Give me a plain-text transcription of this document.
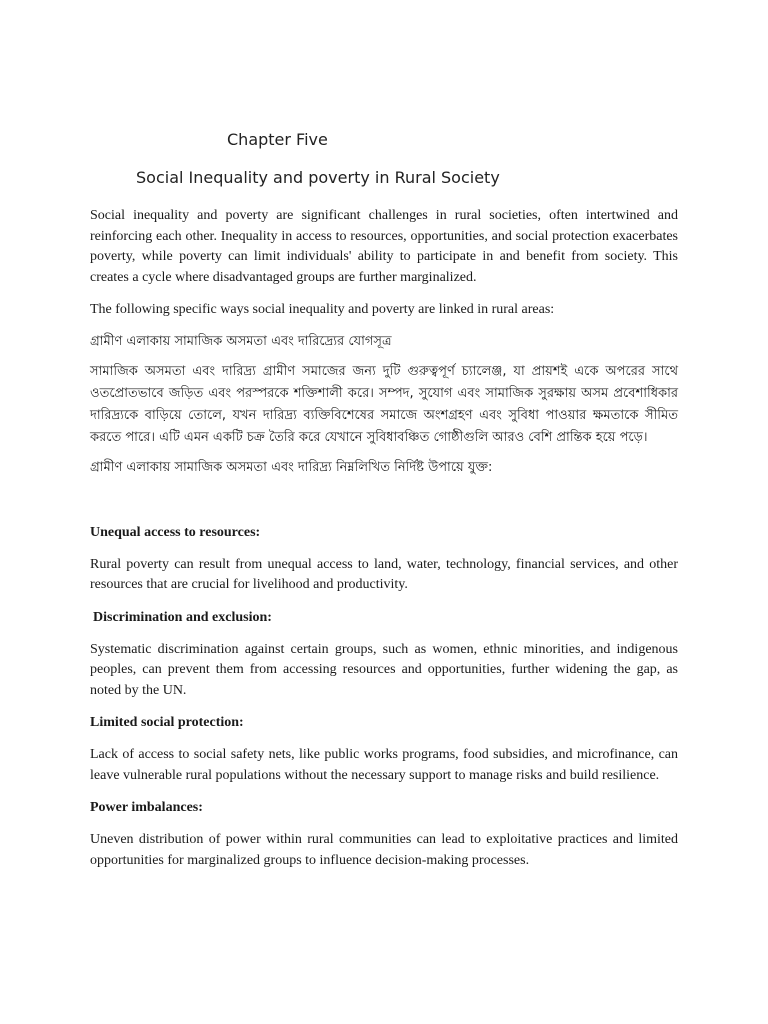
Chapter Five
Social Inequality and poverty in Rural Society

Social inequality and poverty are significant challenges in rural societies, often intertwined and reinforcing each other. Inequality in access to resources, opportunities, and social protection exacerbates poverty, while poverty can limit individuals' ability to participate in and benefit from society. This creates a cycle where disadvantaged groups are further marginalized.

The following specific ways social inequality and poverty are linked in rural areas:

গ্রামীণ এলাকায় সামাজিক অসমতা এবং দারিদ্র্যের যোগসূত্র

সামাজিক অসমতা এবং দারিদ্র্য গ্রামীণ সমাজের জন্য দুটি গুরুত্বপূর্ণ চ্যালেঞ্জ, যা প্রায়শই একে অপরের সাথে ওতপ্রোতভাবে জড়িত এবং পরস্পরকে শক্তিশালী করে। সম্পদ, সুযোগ এবং সামাজিক সুরক্ষায় অসম প্রবেশাধিকার দারিদ্র্যকে বাড়িয়ে তোলে, যখন দারিদ্র্য ব্যক্তিবিশেষের সমাজে অংশগ্রহণ এবং সুবিধা পাওয়ার ক্ষমতাকে সীমিত করতে পারে। এটি এমন একটি চক্র তৈরি করে যেখানে সুবিধাবঞ্চিত গোষ্ঠীগুলি আরও বেশি প্রান্তিক হয়ে পড়ে।

গ্রামীণ এলাকায় সামাজিক অসমতা এবং দারিদ্র্য নিম্নলিখিত নির্দিষ্ট উপায়ে যুক্ত:

Unequal access to resources:

Rural poverty can result from unequal access to land, water, technology, financial services, and other resources that are crucial for livelihood and productivity.

Discrimination and exclusion:

Systematic discrimination against certain groups, such as women, ethnic minorities, and indigenous peoples, can prevent them from accessing resources and opportunities, further widening the gap, as noted by the UN.

Limited social protection:

Lack of access to social safety nets, like public works programs, food subsidies, and microfinance, can leave vulnerable rural populations without the necessary support to manage risks and build resilience.

Power imbalances:

Uneven distribution of power within rural communities can lead to exploitative practices and limited opportunities for marginalized groups to influence decision-making processes.
